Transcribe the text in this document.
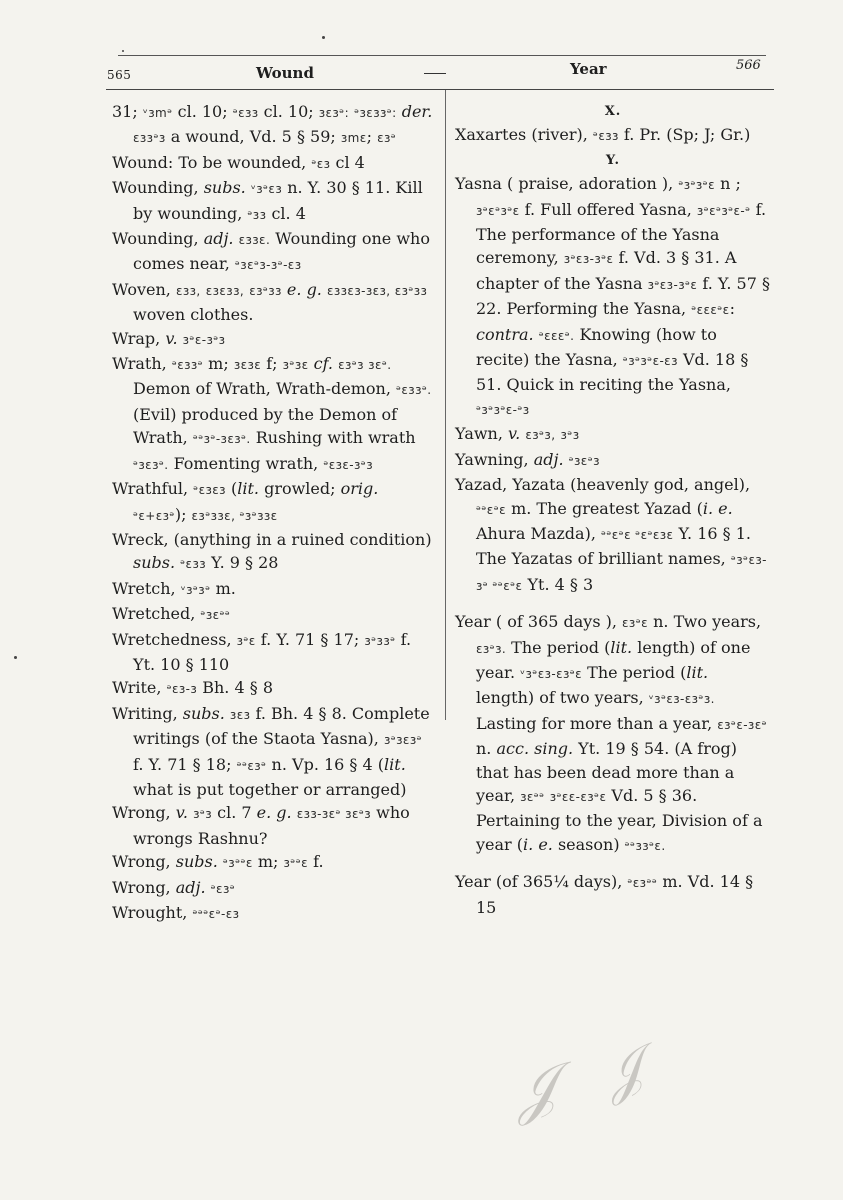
565	Wound	Year	566

31; ᵛɜmᵊ cl. 10; ᵊɛɜɜ cl. 10; ɜɛɜᵊ: ᵊɜɛɜɜᵊ: der. ɛɜɜᵊɜ a wound, Vd. 5 § 59; ɜmɛ; ɛɜᵊ

Wound: To be wounded, ᵊɛɜ cl 4

Wounding, subs. ᵛɜᵊɛɜ n. Y. 30 § 11. Kill by wounding, ᵊɜɜ cl. 4

Wounding, adj. ɛɜɜɛ. Wounding one who comes near, ᵊɜɛᵊɜ-ɜᵊ-ɛɜ

Woven, ɛɜɜ, ɛɜɛɜɜ, ɛɜᵊɜɜ e. g. ɛɜɜɛɜ-ɜɛɜ, ɛɜᵊɜɜ woven clothes.

Wrap, v. ɜᵊɛ-ɜᵊɜ

Wrath, ᵊɛɜɜᵊ m; ɜɛɜɛ f; ɜᵊɜɛ cf. ɛɜᵊɜ ɜɛᵊ. Demon of Wrath, Wrath-demon, ᵊɛɜɜᵊ. (Evil) produced by the Demon of Wrath, ᵊᵊɜᵊ-ɜɛɜᵊ. Rushing with wrath ᵊɜɛɜᵊ. Fomenting wrath, ᵊɛɜɛ-ɜᵊɜ

Wrathful, ᵊɛɜɛɜ (lit. growled; orig. ᵊɛ+ɛɜᵊ); ɛɜᵊɜɜɛ, ᵊɜᵊɜɜɛ

Wreck, (anything in a ruined condition) subs. ᵊɛɜɜ Y. 9 § 28

Wretch, ᵛɜᵊɜᵊ m.

Wretched, ᵊɜɛᵊᵊ

Wretchedness, ɜᵊɛ f. Y. 71 § 17; ɜᵊɜɜᵊ f. Yt. 10 § 110

Write, ᵊɛɜ-ɜ Bh. 4 § 8

Writing, subs. ɜɛɜ f. Bh. 4 § 8. Complete writings (of the Staota Yasna), ɜᵊɜɛɜᵊ f. Y. 71 § 18; ᵊᵊɛɜᵊ n. Vp. 16 § 4 (lit. what is put together or arranged)

Wrong, v. ɜᵊɜ cl. 7 e. g. ɛɜɜ-ɜɛᵊ ɜɛᵊɜ who wrongs Rashnu?

Wrong, subs. ᵊɜᵊᵊɛ m; ɜᵊᵊɛ f.

Wrong, adj. ᵊɛɜᵊ

Wrought, ᵊᵊᵊɛᵊ-ɛɜ

X.

Xaxartes (river), ᵊɛɜɜ f. Pr. (Sp; J; Gr.)

Y.

Yasna ( praise, adoration ), ᵊɜᵊɜᵊɛ n ; ɜᵊɛᵊɜᵊɛ f. Full offered Yasna, ɜᵊɛᵊɜᵊɛ-ᵊ f. The performance of the Yasna ceremony, ɜᵊɛɜ-ɜᵊɛ f. Vd. 3 § 31. A chapter of the Yasna ɜᵊɛɜ-ɜᵊɛ f. Y. 57 § 22. Performing the Yasna, ᵊɛɛɛᵊɛ: contra. ᵊɛɛɛᵊ. Knowing (how to recite) the Yasna, ᵊɜᵊɜᵊɛ-ɛɜ Vd. 18 § 51. Quick in reciting the Yasna, ᵊɜᵊɜᵊɛ-ᵊɜ

Yawn, v. ɛɜᵊɜ, ɜᵊɜ

Yawning, adj. ᵊɜɛᵊɜ

Yazad, Yazata (heavenly god, angel), ᵊᵊɛᵊɛ m. The greatest Yazad (i. e. Ahura Mazda), ᵊᵊɛᵊɛ ᵊɛᵊɛɜɛ Y. 16 § 1. The Yazatas of brilliant names, ᵊɜᵊɛɜ-ɜᵊ ᵊᵊɛᵊɛ Yt. 4 § 3

Year ( of 365 days ), ɛɜᵊɛ n. Two years, ɛɜᵊɜ. The period (lit. length) of one year. ᵛɜᵊɛɜ-ɛɜᵊɛ The period (lit. length) of two years, ᵛɜᵊɛɜ-ɛɜᵊɜ. Lasting for more than a year, ɛɜᵊɛ-ɜɛᵊ n. acc. sing. Yt. 19 § 54. (A frog) that has been dead more than a year, ɜɛᵊᵊ ɜᵊɛɛ-ɛɜᵊɛ Vd. 5 § 36. Pertaining to the year, Division of a year (i. e. season) ᵊᵊɜɜᵊɛ.

Year (of 365¼ days), ᵊɛɜᵊᵊ m. Vd. 14 § 15

𝒥 𝒥
